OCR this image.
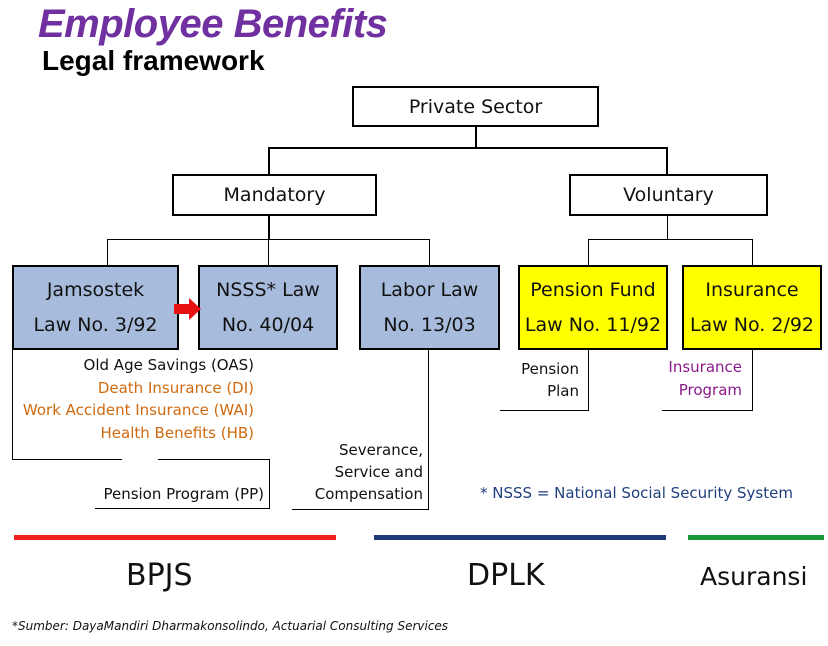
Employee Benefits
Legal framework
Private Sector
Mandatory	Voluntary
Jamsostek
Law No. 3/92
NSSS* Law
No. 40/04
Labor Law
No. 13/03
Pension Fund
Law No. 11/92
Insurance
Law No. 2/92
Old Age Savings (OAS)
Death Insurance (DI)
Work Accident Insurance (WAI)
Health Benefits (HB)
Pension Program (PP)
Severance,
Service and
Compensation
Pension
Plan
Insurance
Program
* NSSS = National Social Security System
BPJS	DPLK	Asuransi
*Sumber: DayaMandiri Dharmakonsolindo, Actuarial Consulting Services
